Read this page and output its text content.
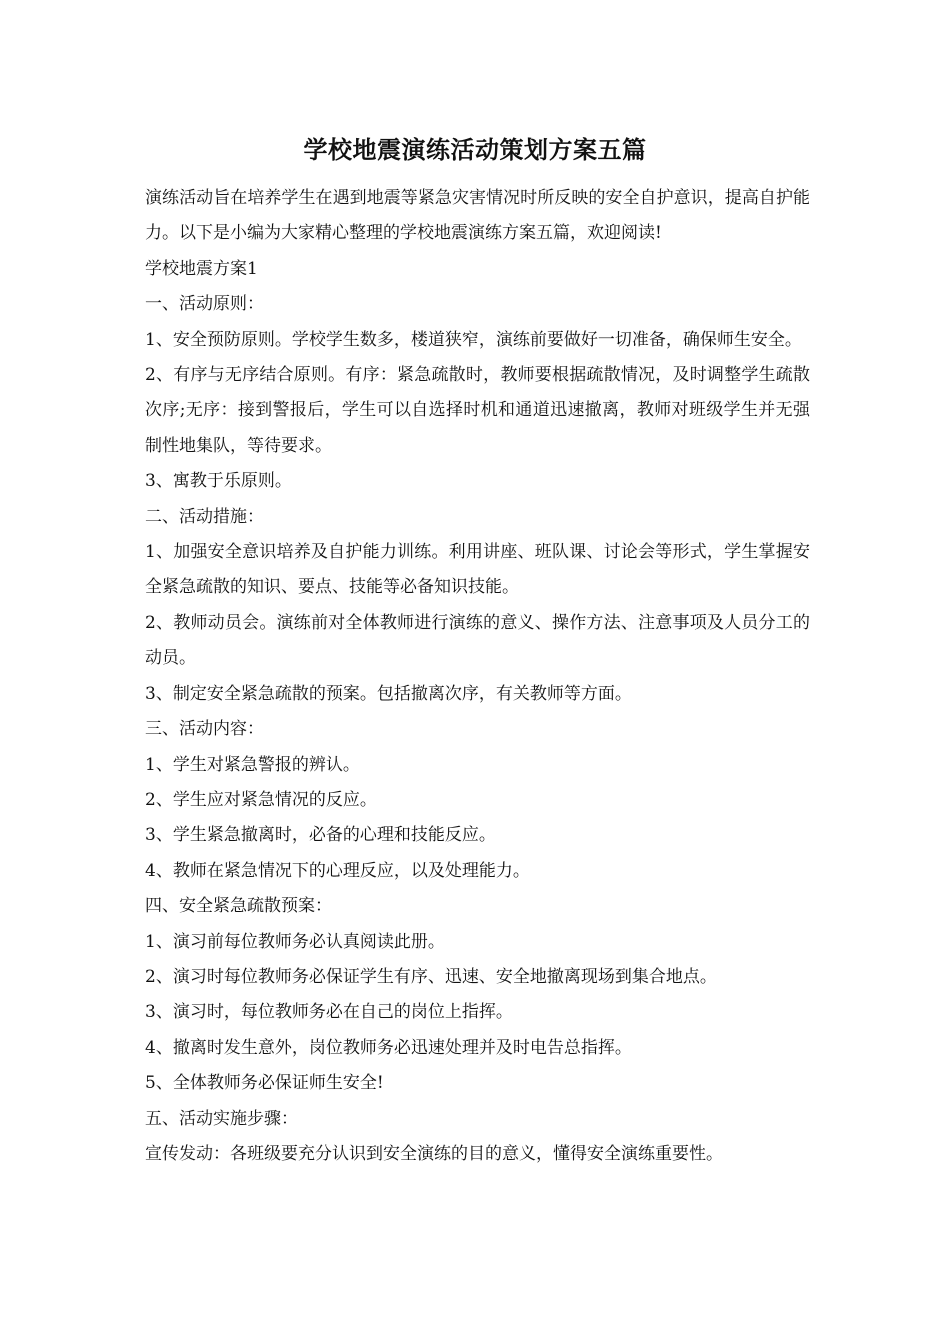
学校地震演练活动策划方案五篇

演练活动旨在培养学生在遇到地震等紧急灾害情况时所反映的安全自护意识，提高自护能力。以下是小编为大家精心整理的学校地震演练方案五篇，欢迎阅读!

学校地震方案1

一、活动原则：

1、安全预防原则。学校学生数多，楼道狭窄，演练前要做好一切准备，确保师生安全。

2、有序与无序结合原则。有序：紧急疏散时，教师要根据疏散情况，及时调整学生疏散次序;无序：接到警报后，学生可以自选择时机和通道迅速撤离，教师对班级学生并无强制性地集队，等待要求。

3、寓教于乐原则。

二、活动措施：

1、加强安全意识培养及自护能力训练。利用讲座、班队课、讨论会等形式，学生掌握安全紧急疏散的知识、要点、技能等必备知识技能。

2、教师动员会。演练前对全体教师进行演练的意义、操作方法、注意事项及人员分工的动员。

3、制定安全紧急疏散的预案。包括撤离次序，有关教师等方面。

三、活动内容：

1、学生对紧急警报的辨认。

2、学生应对紧急情况的反应。

3、学生紧急撤离时，必备的心理和技能反应。

4、教师在紧急情况下的心理反应，以及处理能力。

四、安全紧急疏散预案：

1、演习前每位教师务必认真阅读此册。

2、演习时每位教师务必保证学生有序、迅速、安全地撤离现场到集合地点。

3、演习时，每位教师务必在自己的岗位上指挥。

4、撤离时发生意外，岗位教师务必迅速处理并及时电告总指挥。

5、全体教师务必保证师生安全!

五、活动实施步骤：

宣传发动：各班级要充分认识到安全演练的目的意义，懂得安全演练重要性。
